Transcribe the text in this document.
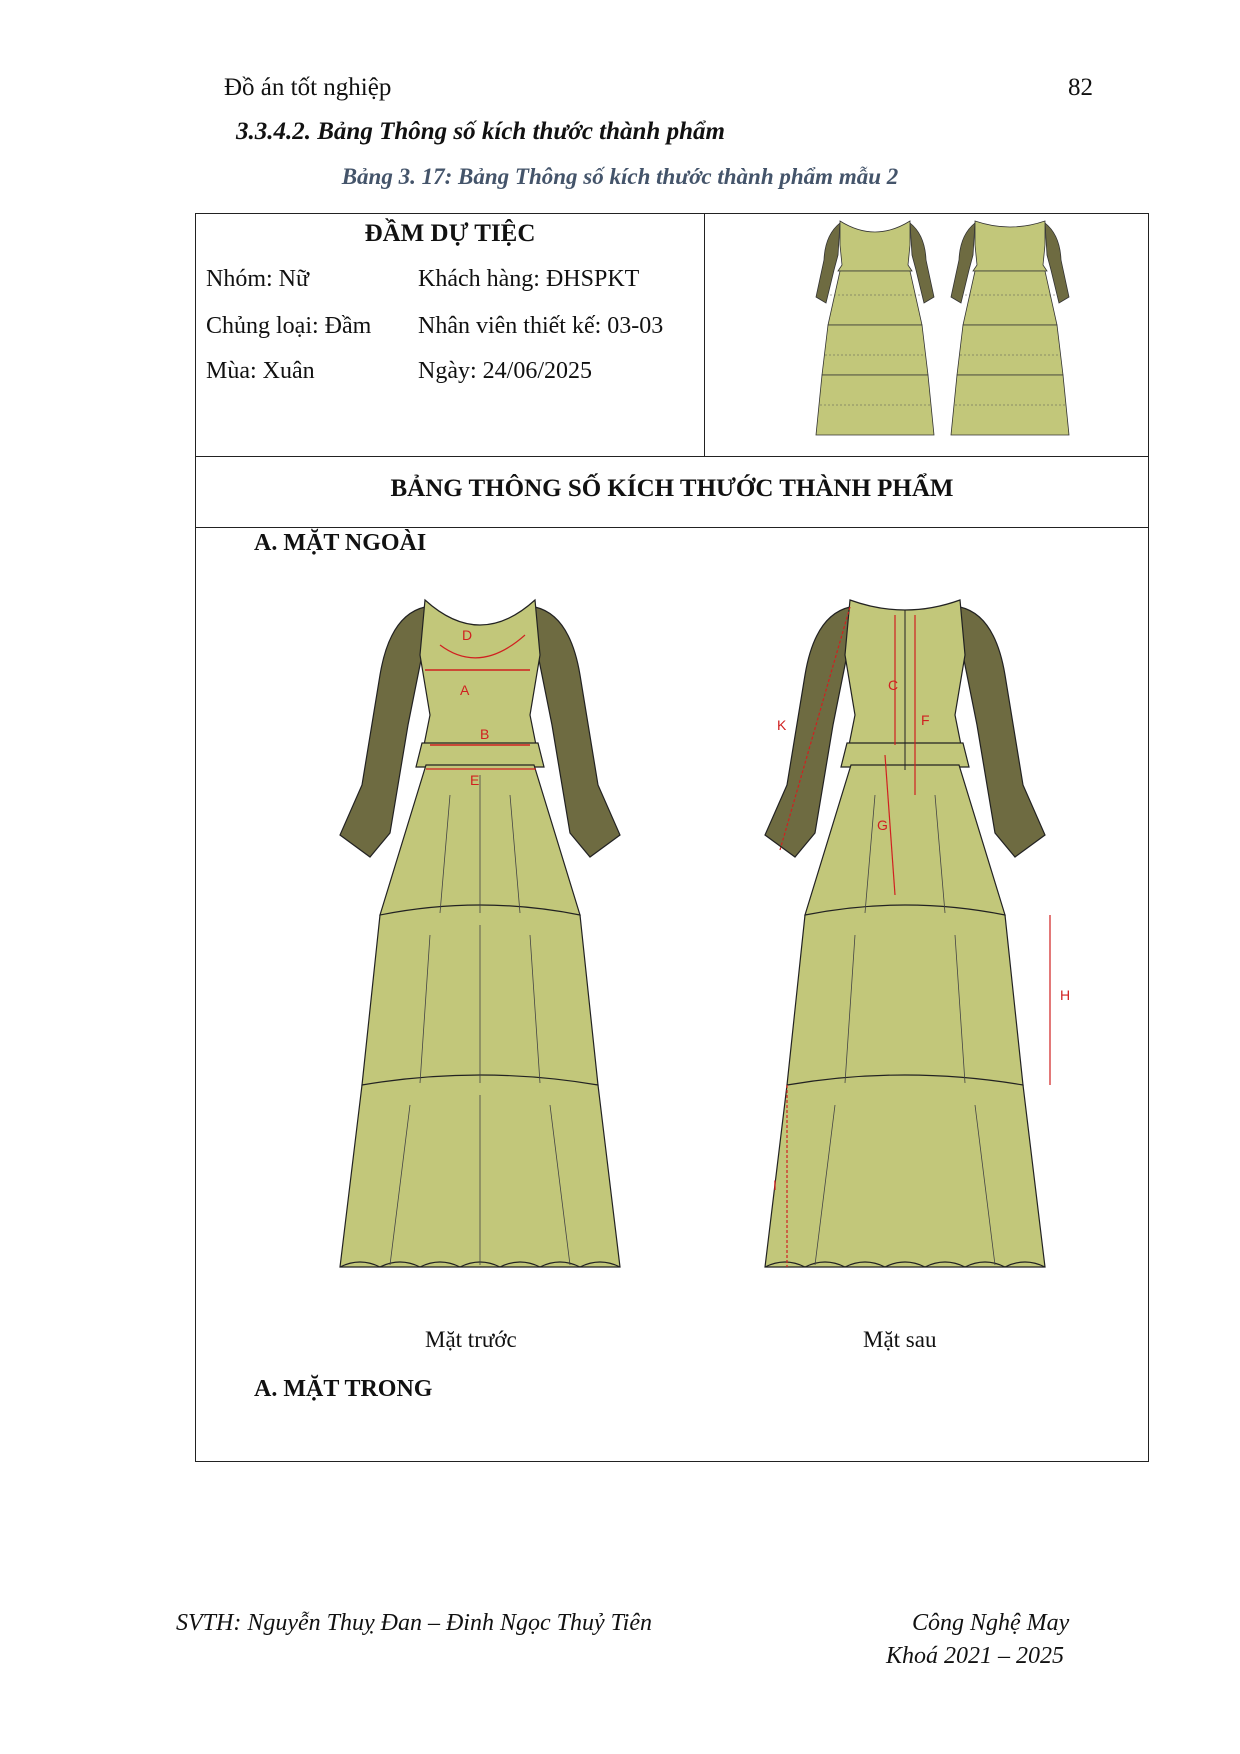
Đồ án tốt nghiệp	82
3.3.4.2. Bảng Thông số kích thước thành phẩm
Bảng 3. 17: Bảng Thông số kích thước thành phẩm mẫu 2
ĐẦM DỰ TIỆC
Nhóm: Nữ	Khách hàng: ĐHSPKT
Chủng loại: Đầm Nhân viên thiết kế: 03-03
Mùa: Xuân	Ngày: 24/06/2025
BẢNG THÔNG SỐ KÍCH THƯỚC THÀNH PHẨM
A. MẶT NGOÀI
D
A
B
E
K
C
F
G
H
I
Mặt trước	Mặt sau
A. MẶT TRONG
SVTH: Nguyễn Thuỵ Đan – Đinh Ngọc Thuỷ Tiên	Công Nghệ May
Khoá 2021 – 2025
